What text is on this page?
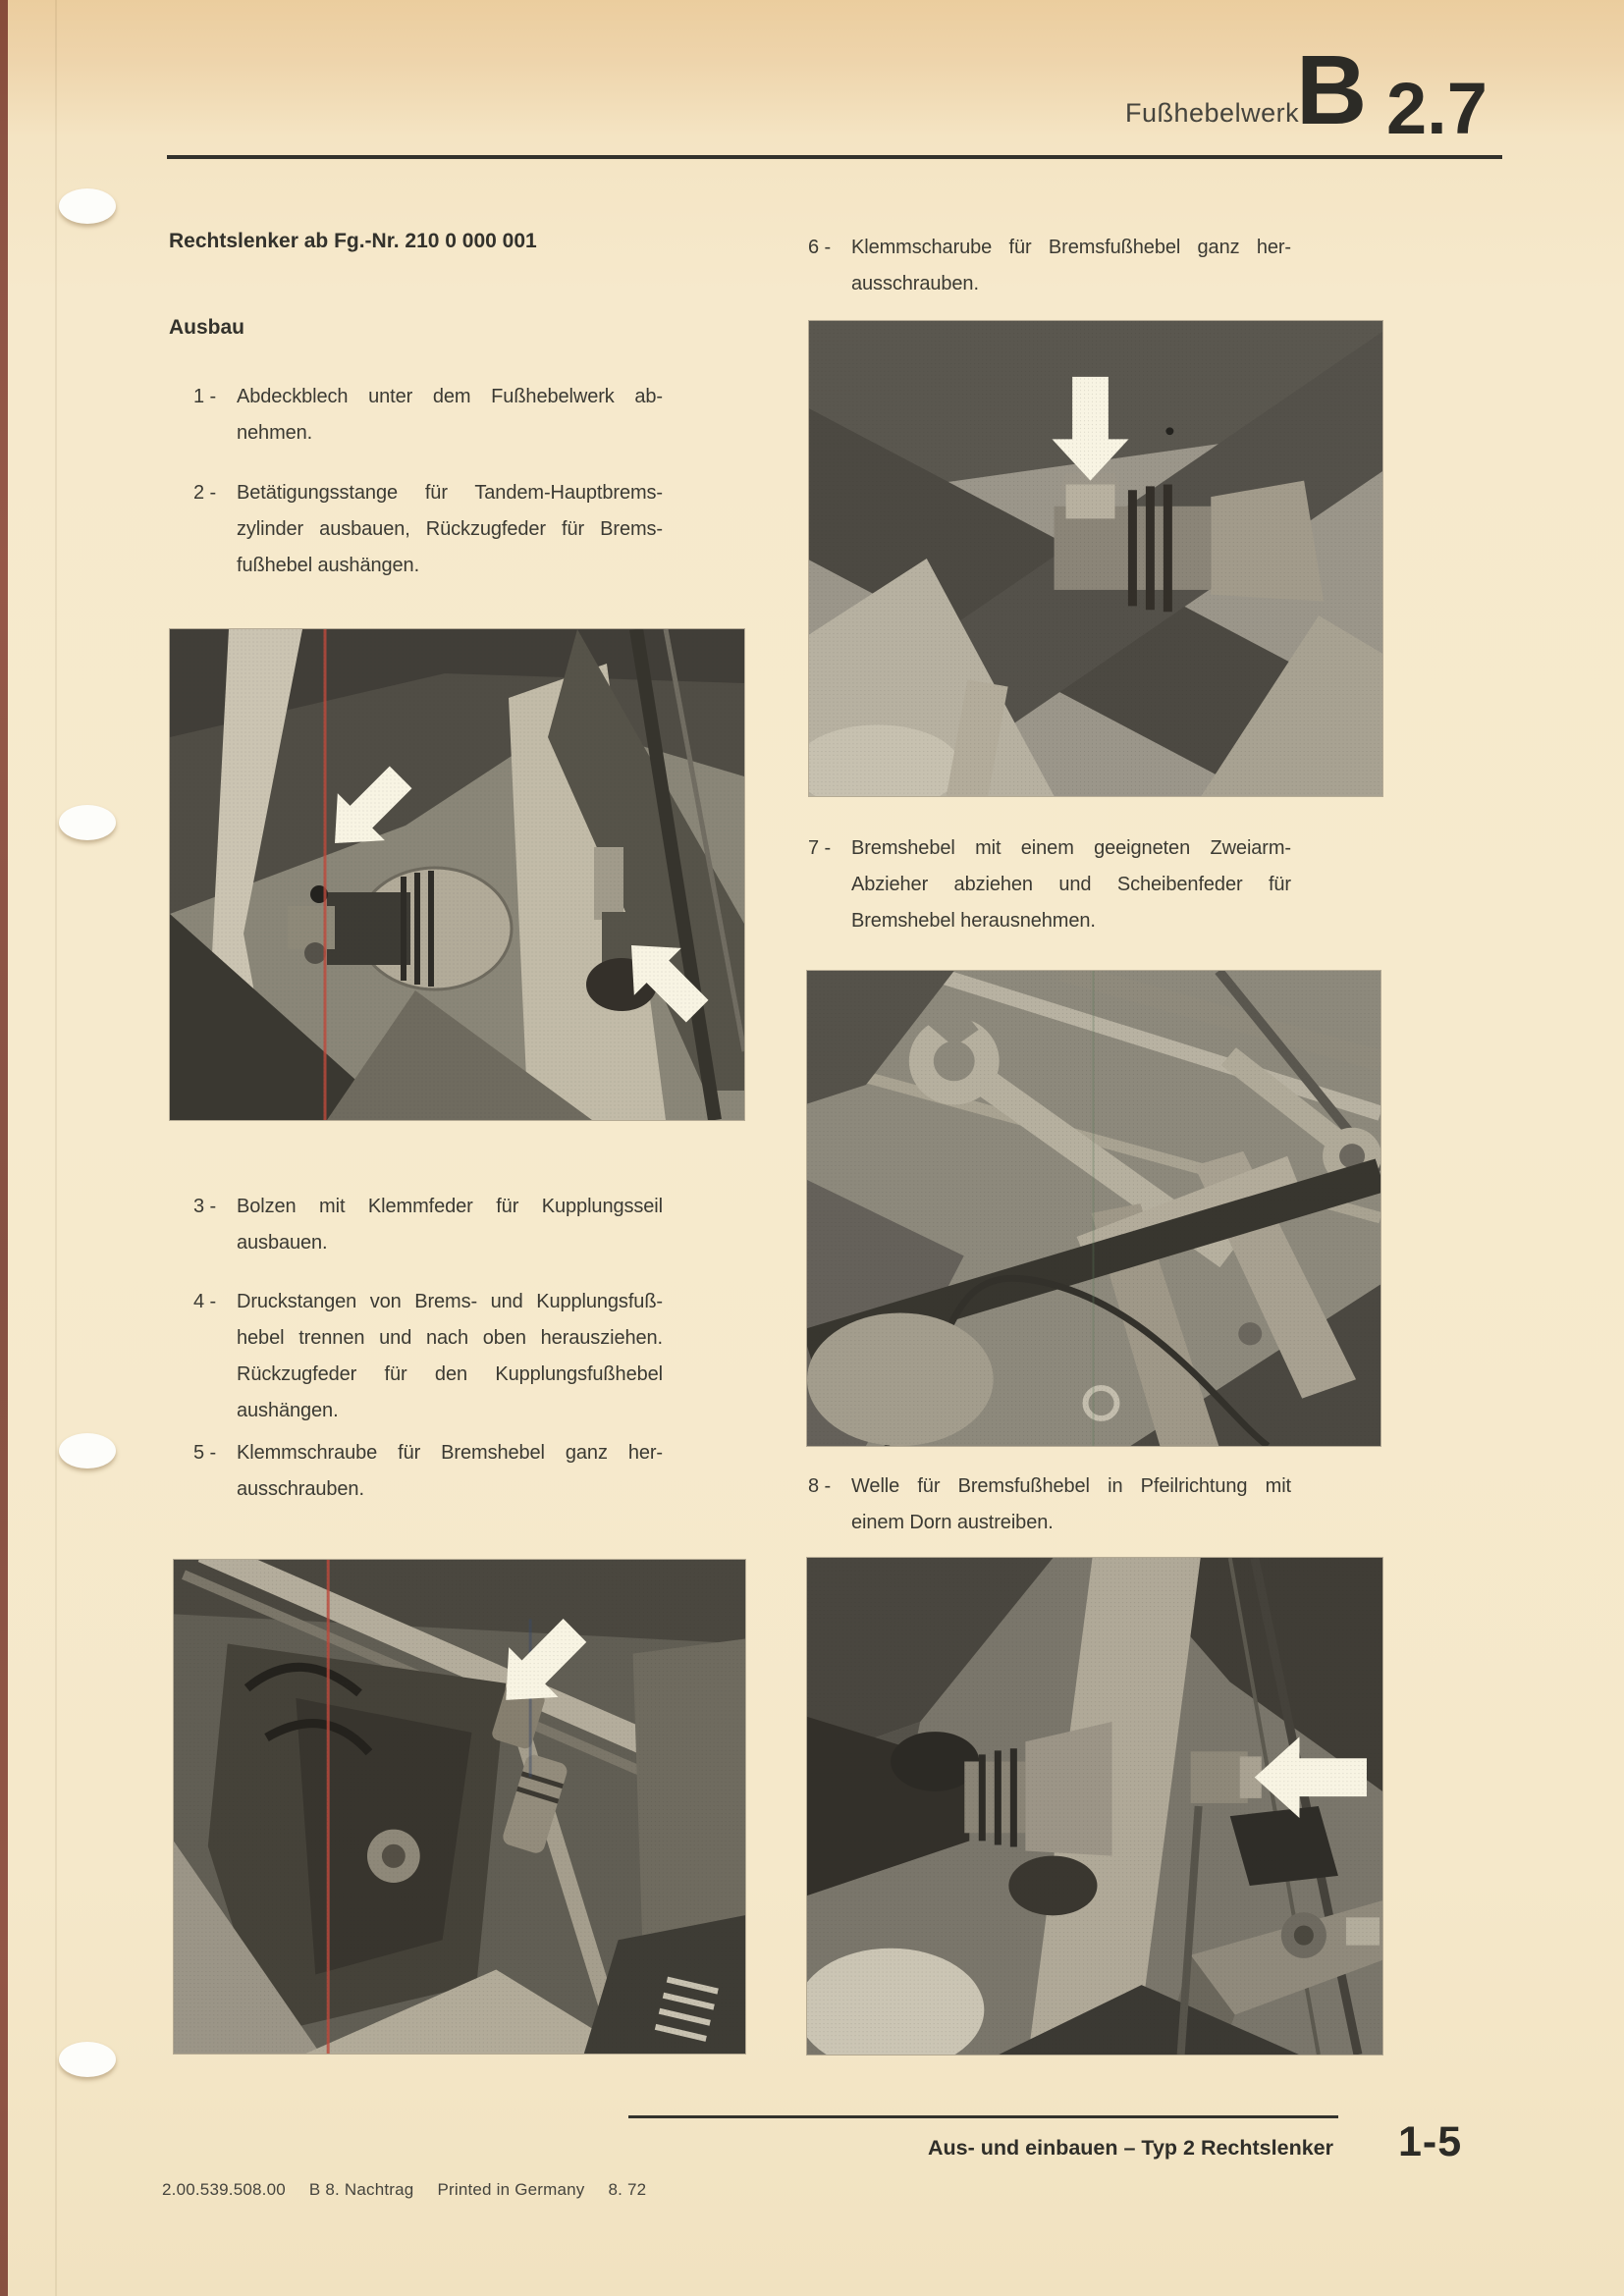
Fußhebelwerk
B 2.7
Rechtslenker ab Fg.-Nr. 210 0 000 001
Ausbau
1 -	Abdeckblech unter dem Fußhebelwerk ab-
nehmen.
2 -	Betätigungsstange für Tandem-Hauptbrems-
zylinder ausbauen, Rückzugfeder für Brems-
fußhebel aushängen.
3 -	Bolzen mit Klemmfeder für Kupplungsseil
ausbauen.
4 -	Druckstangen von Brems- und Kupplungsfuß-
hebel trennen und nach oben herausziehen.
Rückzugfeder für den Kupplungsfußhebel
aushängen.
5 -	Klemmschraube für Bremshebel ganz her-
ausschrauben.
6 -	Klemmscharube für Bremsfußhebel ganz her-
ausschrauben.
7 -	Bremshebel mit einem geeigneten Zweiarm-
Abzieher abziehen und Scheibenfeder für
Bremshebel herausnehmen.
8 -	Welle für Bremsfußhebel in Pfeilrichtung mit
einem Dorn austreiben.
2.00.539.508.00 B 8. Nachtrag Printed in Germany 8. 72
Aus- und einbauen – Typ 2 Rechtslenker 1-5
